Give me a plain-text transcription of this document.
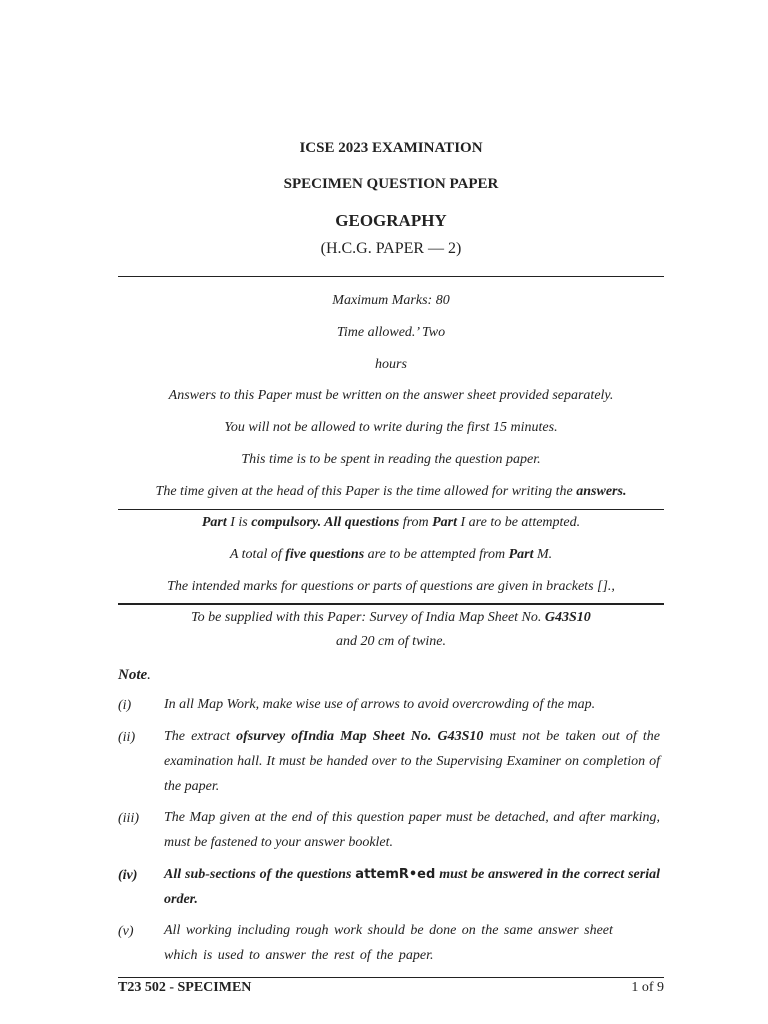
ICSE 2023 EXAMINATION
SPECIMEN QUESTION PAPER
GEOGRAPHY
(H.C.G. PAPER — 2)
Maximum Marks: 80
Time allowed.’ Two
hours
Answers to this Paper must be written on the answer sheet provided separately.
You will not be allowed to write during the first 15 minutes.
This time is to be spent in reading the question paper.
The time given at the head of this Paper is the time allowed for writing the answers.
Part I is compulsory. All questions from Part I are to be attempted.
A total of five questions are to be attempted from Part M.
The intended marks for questions or parts of questions are given in brackets [].,
To be supplied with this Paper: Survey of India Map Sheet No. G43S10
and 20 cm of twine.
Note.
(i) In all Map Work, make wise use of arrows to avoid overcrowding of the map.
(ii) The extract ofsurvey ofIndia Map Sheet No. G43S10 must not be taken out of the examination hall. It must be handed over to the Supervising Examiner on completion of the paper.
(iii) The Map given at the end of this question paper must be detached, and after marking, must be fastened to your answer booklet.
(iv) All sub-sections of the questions attemR•ed must be answered in the correct serial order.
(v) All working including rough work should be done on the same answer sheet which is used to answer the rest of the paper.
T23 502 - SPECIMEN	1 of 9
